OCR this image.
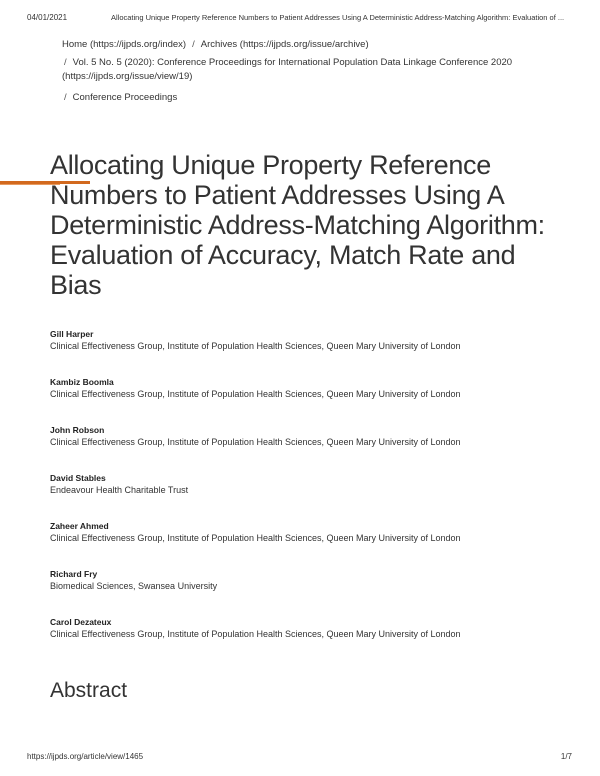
04/01/2021	Allocating Unique Property Reference Numbers to Patient Addresses Using A Deterministic Address-Matching Algorithm: Evaluation of ...
Home (https://ijpds.org/index) / Archives (https://ijpds.org/issue/archive)
/ Vol. 5 No. 5 (2020): Conference Proceedings for International Population Data Linkage Conference 2020
(https://ijpds.org/issue/view/19)
/ Conference Proceedings
Allocating Unique Property Reference Numbers to Patient Addresses Using A Deterministic Address-Matching Algorithm: Evaluation of Accuracy, Match Rate and Bias
Gill Harper
Clinical Effectiveness Group, Institute of Population Health Sciences, Queen Mary University of London
Kambiz Boomla
Clinical Effectiveness Group, Institute of Population Health Sciences, Queen Mary University of London
John Robson
Clinical Effectiveness Group, Institute of Population Health Sciences, Queen Mary University of London
David Stables
Endeavour Health Charitable Trust
Zaheer Ahmed
Clinical Effectiveness Group, Institute of Population Health Sciences, Queen Mary University of London
Richard Fry
Biomedical Sciences, Swansea University
Carol Dezateux
Clinical Effectiveness Group, Institute of Population Health Sciences, Queen Mary University of London
Abstract
https://ijpds.org/article/view/1465	1/7
